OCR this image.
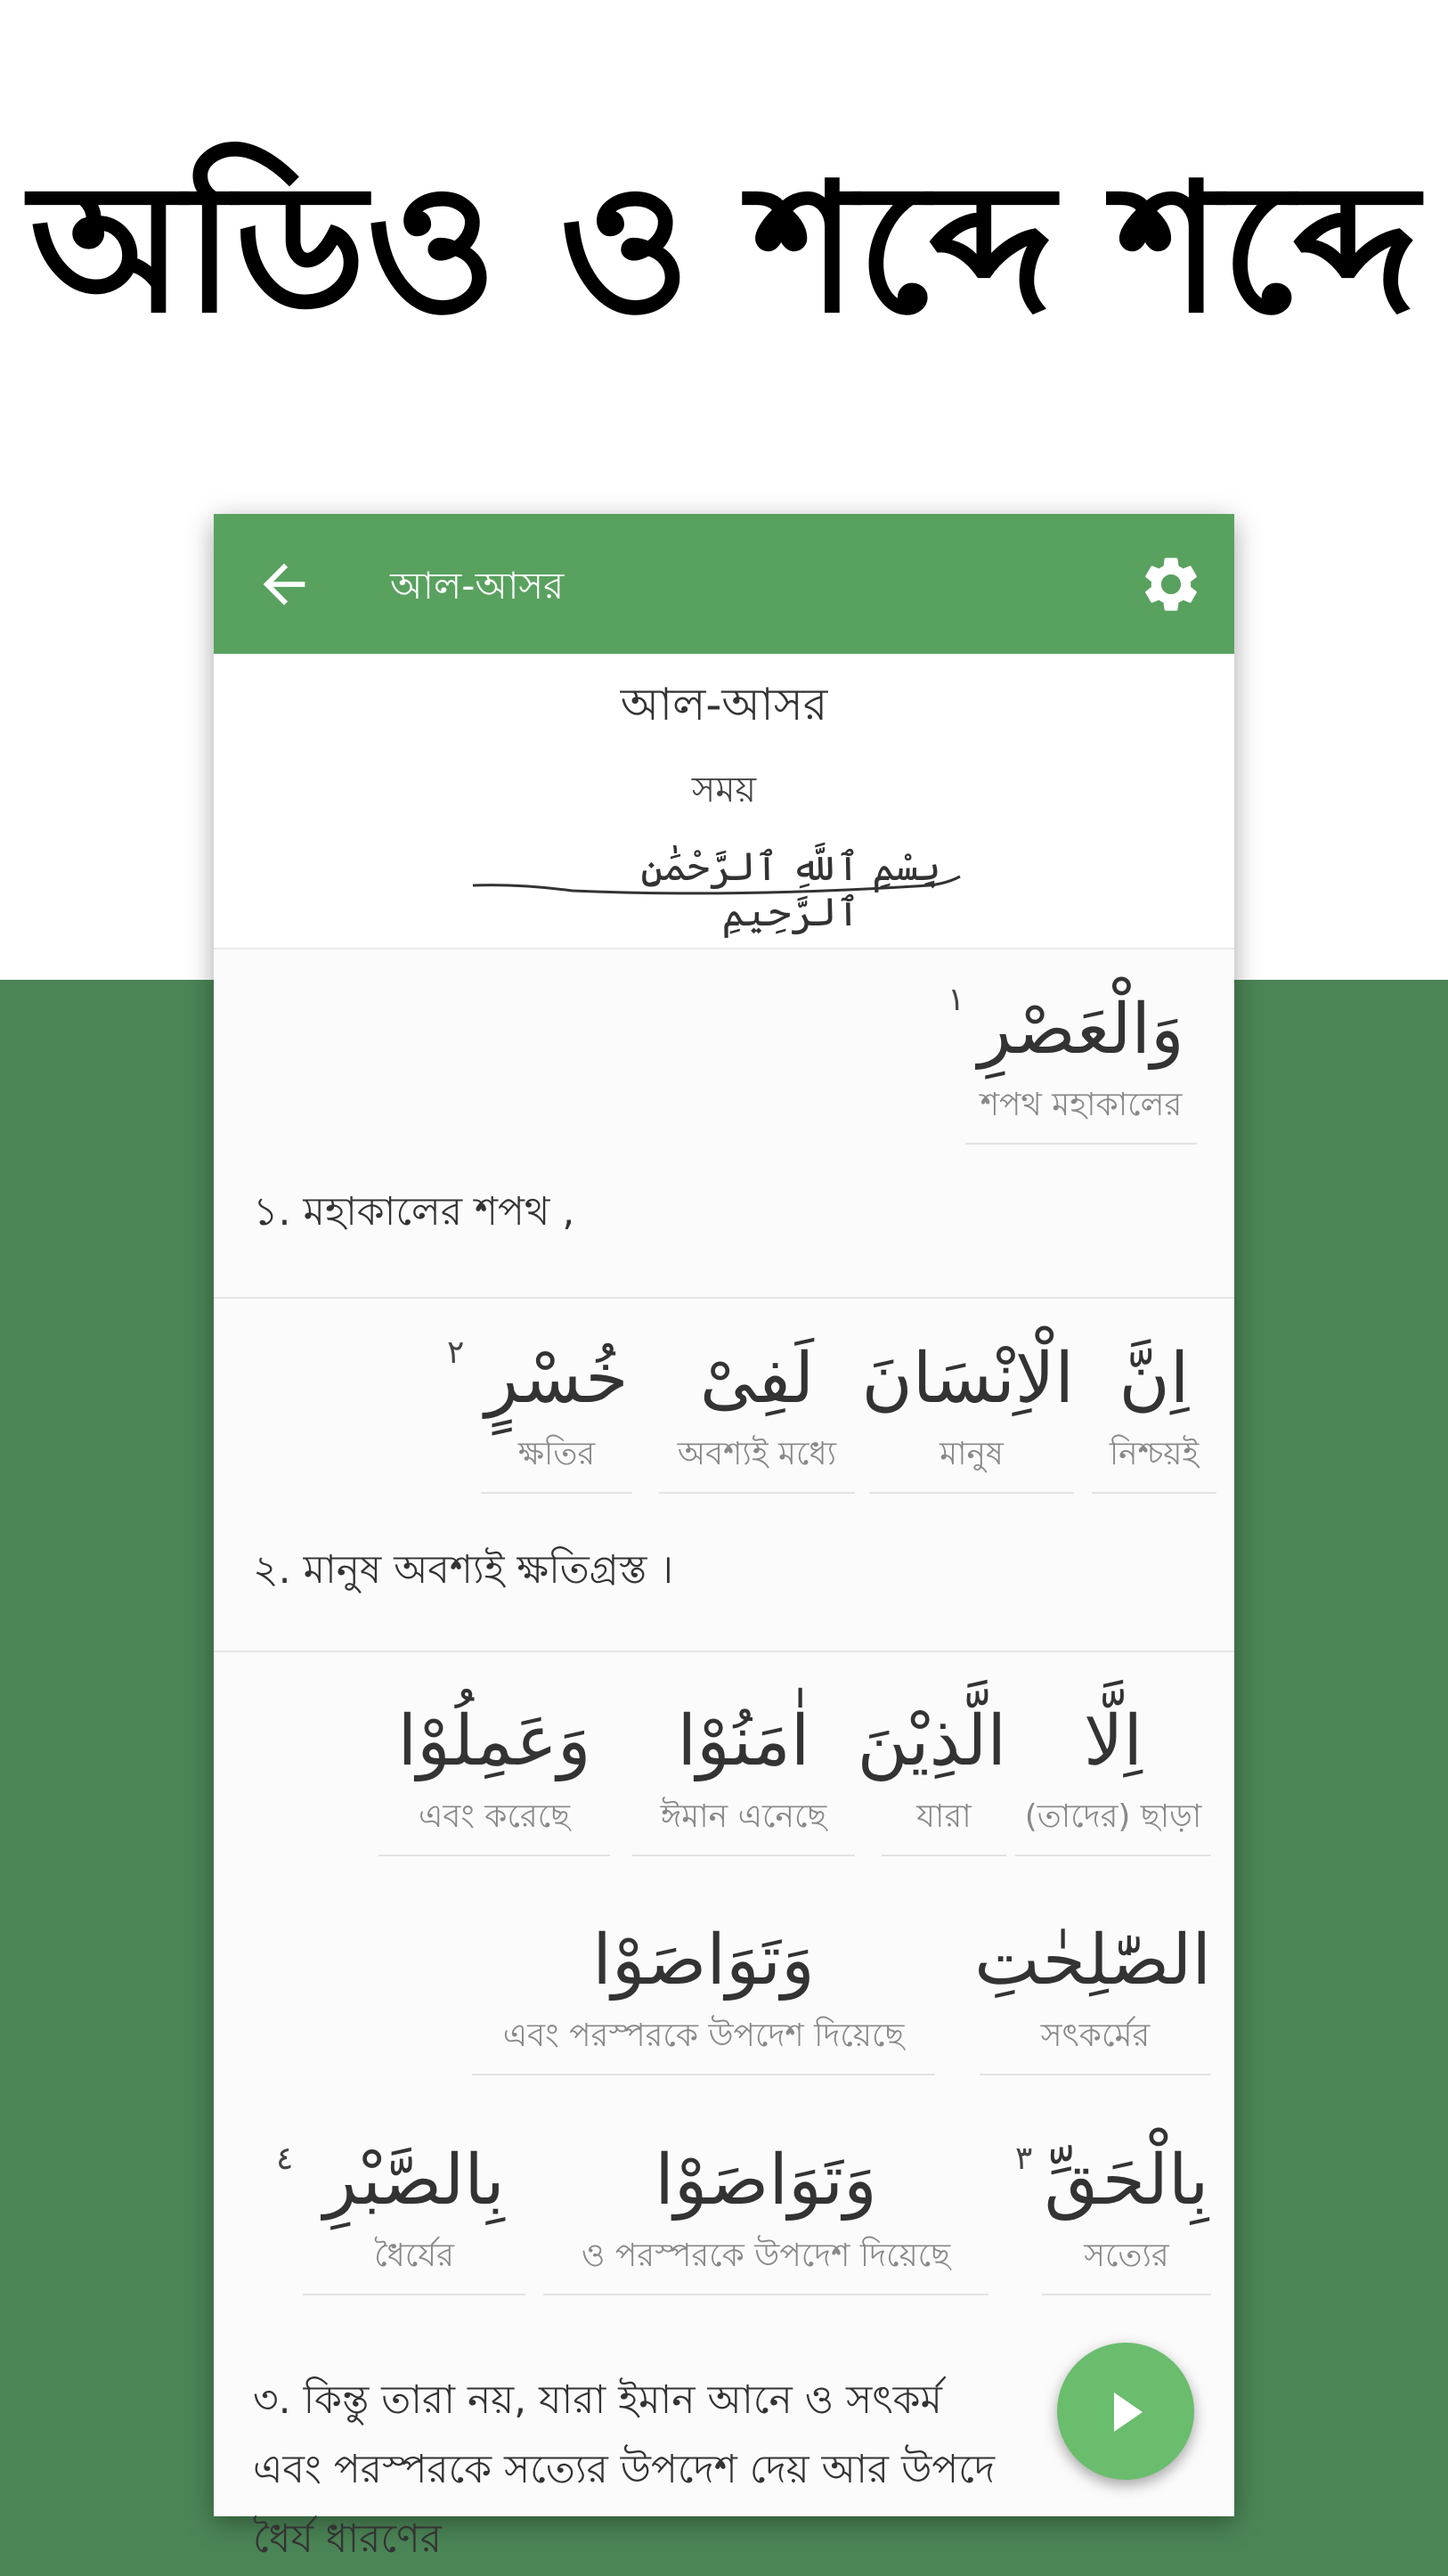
অডিও ও শব্দে শব্দে
আল-আসর
আল-আসর
সময়
بِسْمِ ٱللَّهِ ٱلرَّحْمَٰنِ ٱلرَّحِيمِ
١ وَالْعَصْرِ
শপথ মহাকালের
১. মহাকালের শপথ ,
٢	اِنَّ
নিশ্চয়ই
الْاِنْسَانَ
মানুষ
لَفِىْ
অবশ্যই মধ্যে
خُسْرٍ
ক্ষতির
২. মানুষ অবশ্যই ক্ষতিগ্রস্ত ।
اِلَّا
(তাদের) ছাড়া
الَّذِيْنَ
যারা
اٰمَنُوْا
ঈমান এনেছে
وَعَمِلُوْا
এবং করেছে
الصّٰلِحٰتِ
সৎকর্মের
وَتَوَاصَوْا
এবং পরস্পরকে উপদেশ দিয়েছে
٣ بِالْحَقِّ
সত্যের
وَتَوَاصَوْا
ও পরস্পরকে উপদেশ দিয়েছে
٤ بِالصَّبْرِ
ধৈর্যের
৩. কিন্তু তারা নয়, যারা ইমান আনে ও সৎকর্ম
এবং পরস্পরকে সত্যের উপদেশ দেয় আর উপদে
ধৈর্য ধারণের
